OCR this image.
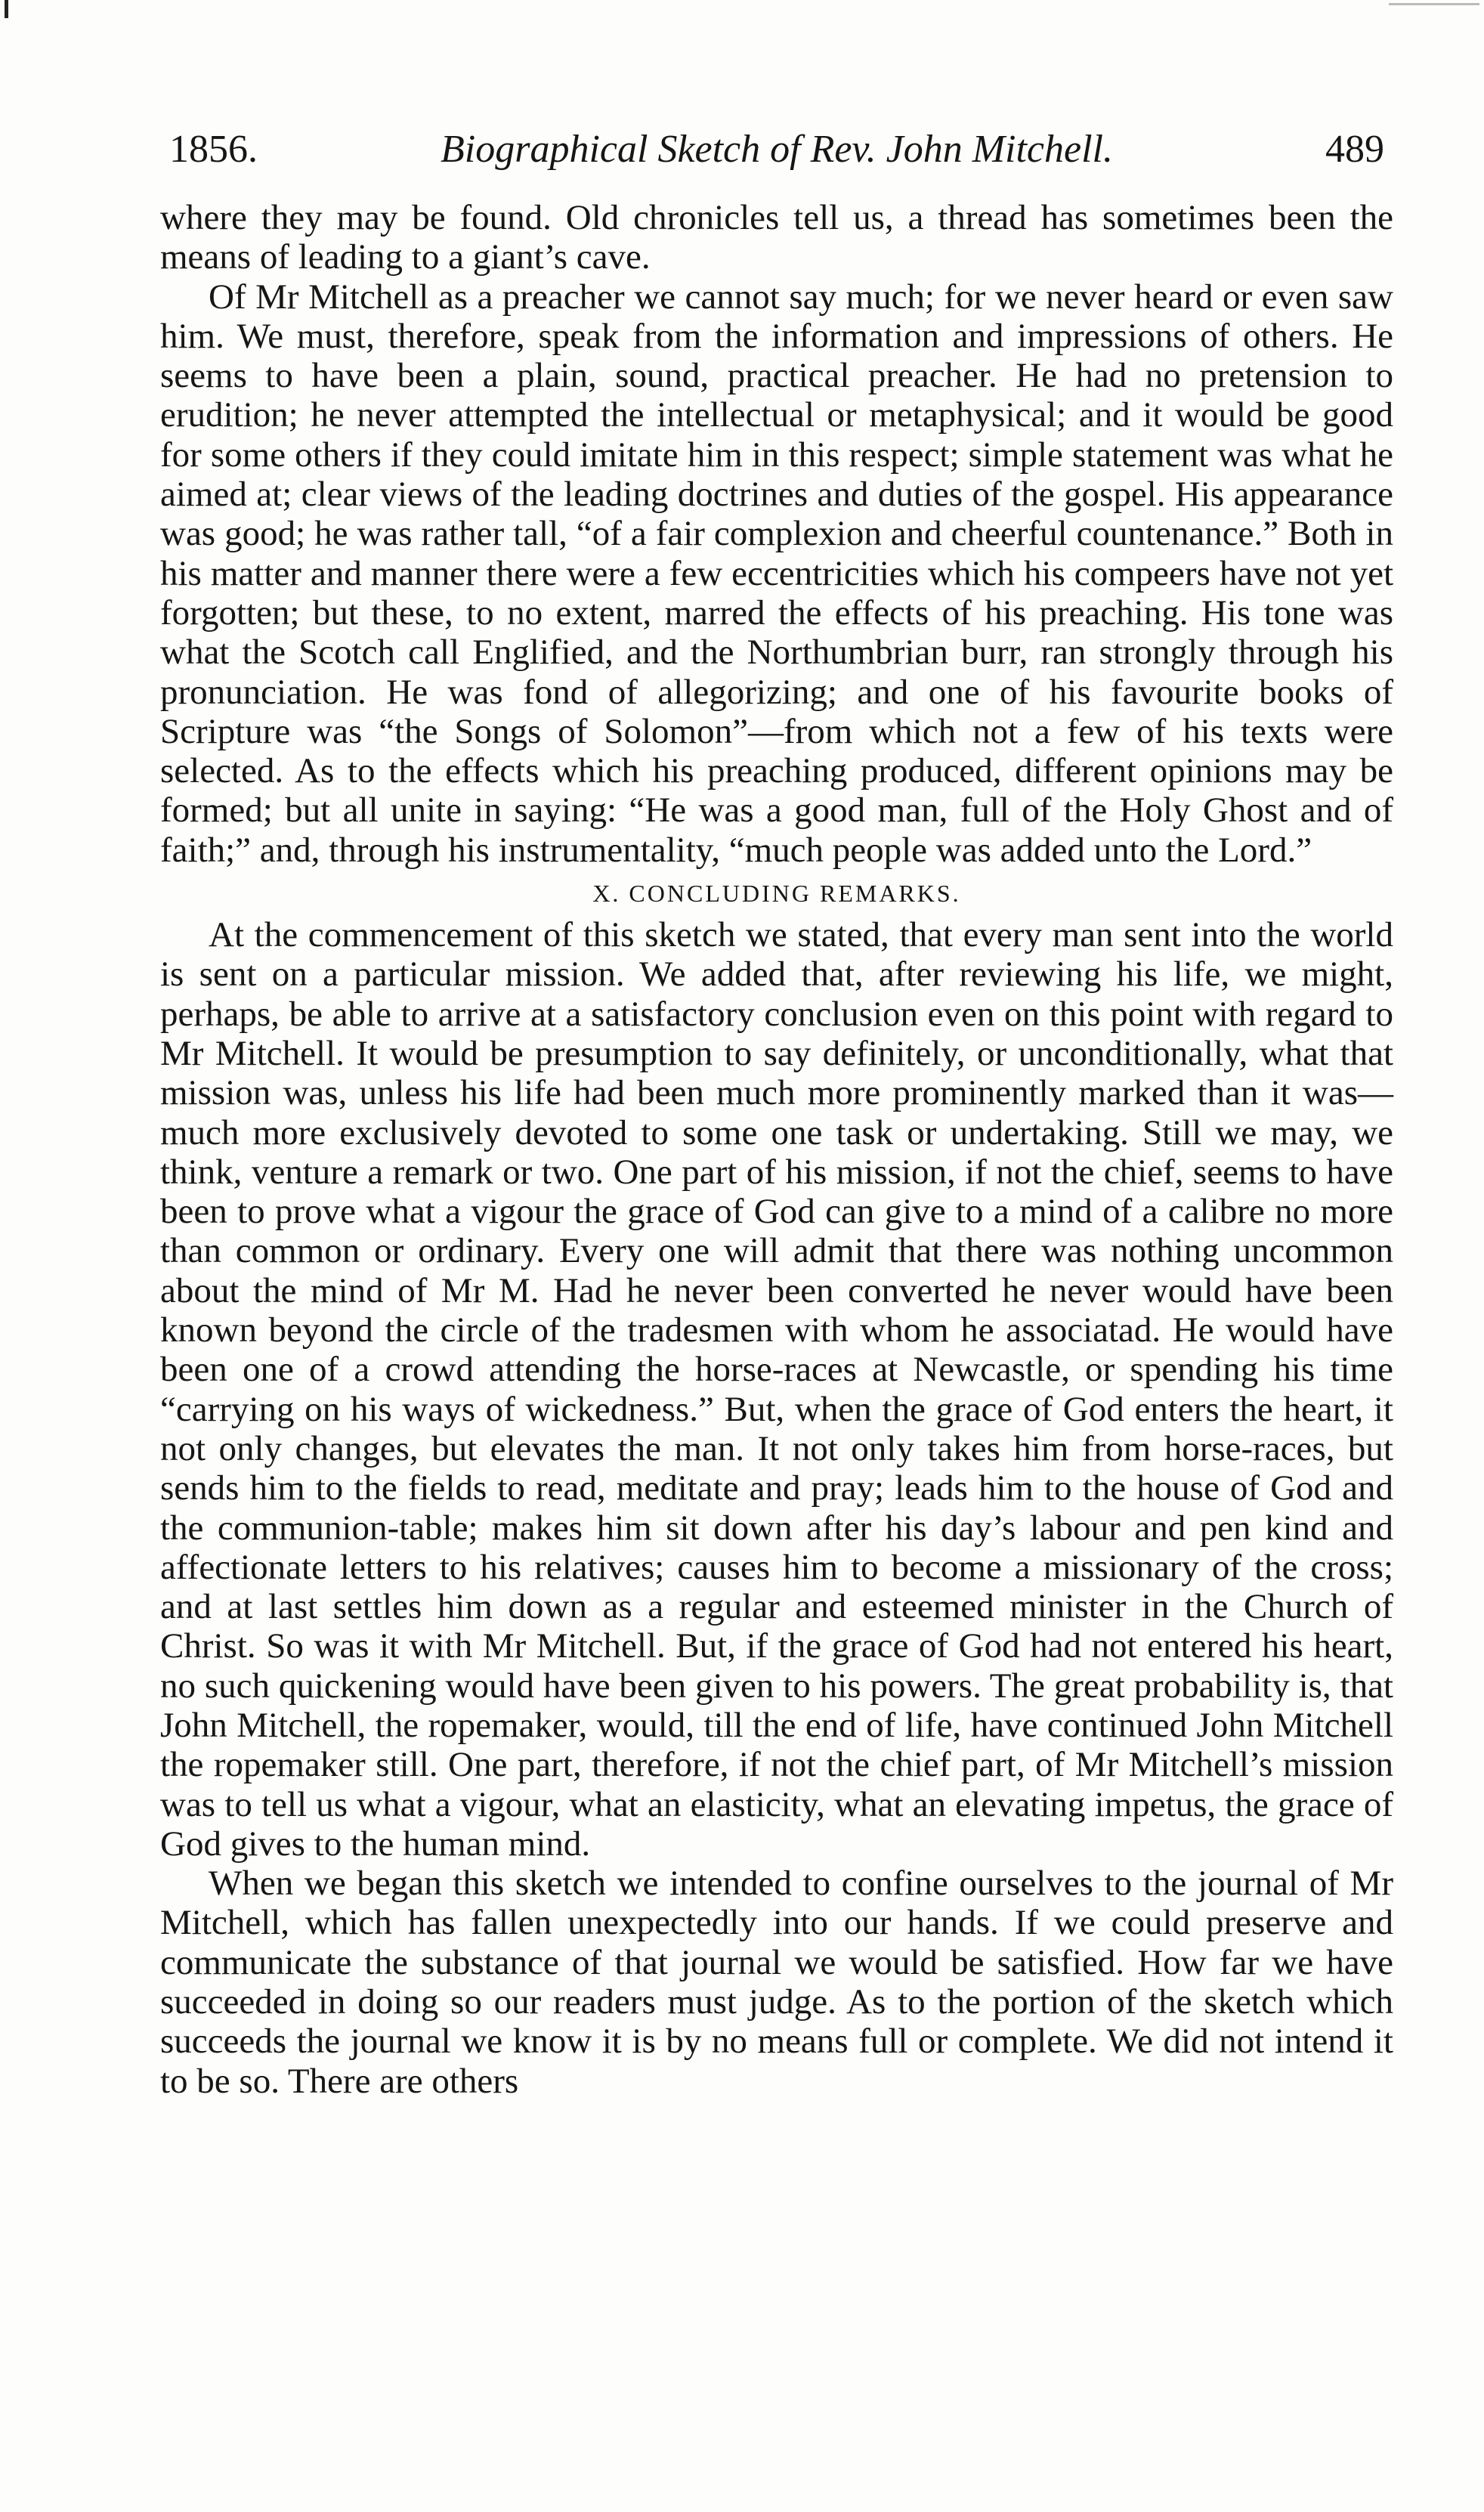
1856.	Biographical Sketch of Rev. John Mitchell.	489

where they may be found. Old chronicles tell us, a thread has sometimes been the means of leading to a giant’s cave.

Of Mr Mitchell as a preacher we cannot say much; for we never heard or even saw him. We must, therefore, speak from the information and impressions of others. He seems to have been a plain, sound, practical preacher. He had no pretension to erudition; he never attempted the intellectual or metaphysical; and it would be good for some others if they could imitate him in this respect; simple statement was what he aimed at; clear views of the leading doctrines and duties of the gospel. His appearance was good; he was rather tall, “of a fair complexion and cheerful countenance.” Both in his matter and manner there were a few eccentricities which his compeers have not yet forgotten; but these, to no extent, marred the effects of his preaching. His tone was what the Scotch call Englified, and the Northumbrian burr, ran strongly through his pronunciation. He was fond of allegorizing; and one of his favourite books of Scripture was “the Songs of Solomon”—from which not a few of his texts were selected. As to the effects which his preaching produced, different opinions may be formed; but all unite in saying: “He was a good man, full of the Holy Ghost and of faith;” and, through his instrumentality, “much people was added unto the Lord.”

X. CONCLUDING REMARKS.

At the commencement of this sketch we stated, that every man sent into the world is sent on a particular mission. We added that, after reviewing his life, we might, perhaps, be able to arrive at a satisfactory conclusion even on this point with regard to Mr Mitchell. It would be presumption to say definitely, or unconditionally, what that mission was, unless his life had been much more prominently marked than it was—much more exclusively devoted to some one task or undertaking. Still we may, we think, venture a remark or two. One part of his mission, if not the chief, seems to have been to prove what a vigour the grace of God can give to a mind of a calibre no more than common or ordinary. Every one will admit that there was nothing uncommon about the mind of Mr M. Had he never been converted he never would have been known beyond the circle of the tradesmen with whom he associatad. He would have been one of a crowd attending the horse-races at Newcastle, or spending his time “carrying on his ways of wickedness.” But, when the grace of God enters the heart, it not only changes, but elevates the man. It not only takes him from horse-races, but sends him to the fields to read, meditate and pray; leads him to the house of God and the communion-table; makes him sit down after his day’s labour and pen kind and affectionate letters to his relatives; causes him to become a missionary of the cross; and at last settles him down as a regular and esteemed minister in the Church of Christ. So was it with Mr Mitchell. But, if the grace of God had not entered his heart, no such quickening would have been given to his powers. The great probability is, that John Mitchell, the ropemaker, would, till the end of life, have continued John Mitchell the ropemaker still. One part, therefore, if not the chief part, of Mr Mitchell’s mission was to tell us what a vigour, what an elasticity, what an elevating impetus, the grace of God gives to the human mind.

When we began this sketch we intended to confine ourselves to the journal of Mr Mitchell, which has fallen unexpectedly into our hands. If we could preserve and communicate the substance of that journal we would be satisfied. How far we have succeeded in doing so our readers must judge. As to the portion of the sketch which succeeds the journal we know it is by no means full or complete. We did not intend it to be so. There are others
